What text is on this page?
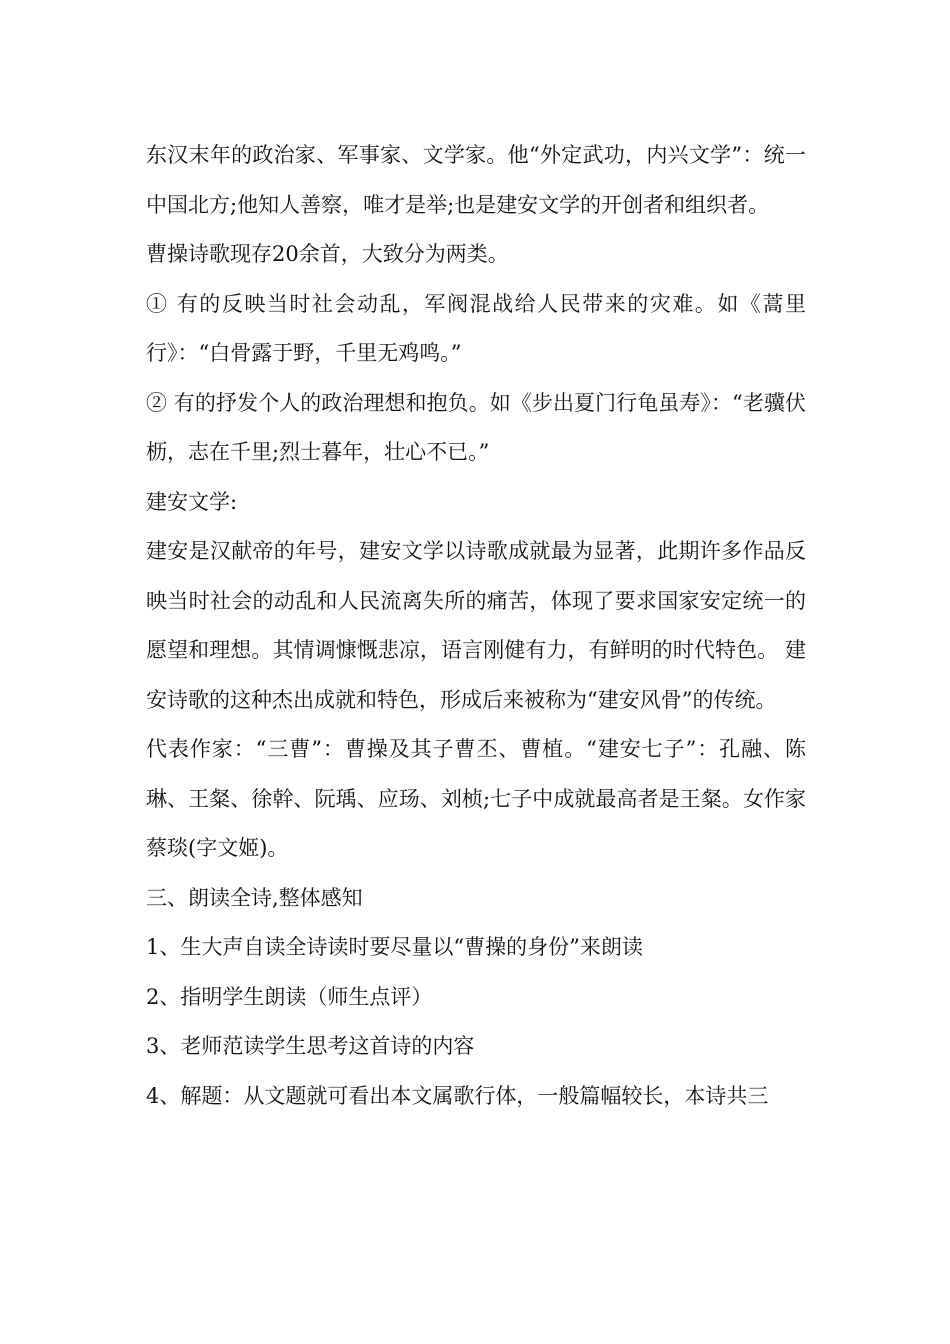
东汉末年的政治家、军事家、文学家。他“外定武功，内兴文学”：统一中国北方;他知人善察，唯才是举;也是建安文学的开创者和组织者。

曹操诗歌现存20余首，大致分为两类。

① 有的反映当时社会动乱，军阀混战给人民带来的灾难。如《蒿里行》：“白骨露于野，千里无鸡鸣。”

② 有的抒发个人的政治理想和抱负。如《步出夏门行龟虽寿》：“老骥伏枥，志在千里;烈士暮年，壮心不已。”

建安文学:

建安是汉献帝的年号，建安文学以诗歌成就最为显著，此期许多作品反映当时社会的动乱和人民流离失所的痛苦，体现了要求国家安定统一的愿望和理想。其情调慷慨悲凉，语言刚健有力，有鲜明的时代特色。 建安诗歌的这种杰出成就和特色，形成后来被称为“建安风骨”的传统。

代表作家：“三曹”：曹操及其子曹丕、曹植。“建安七子”：孔融、陈琳、王粲、徐幹、阮瑀、应玚、刘桢;七子中成就最高者是王粲。女作家蔡琰(字文姬)。

三、朗读全诗,整体感知

1、生大声自读全诗读时要尽量以“曹操的身份”来朗读

2、指明学生朗读（师生点评）

3、老师范读学生思考这首诗的内容

4、解题：从文题就可看出本文属歌行体，一般篇幅较长，本诗共三
